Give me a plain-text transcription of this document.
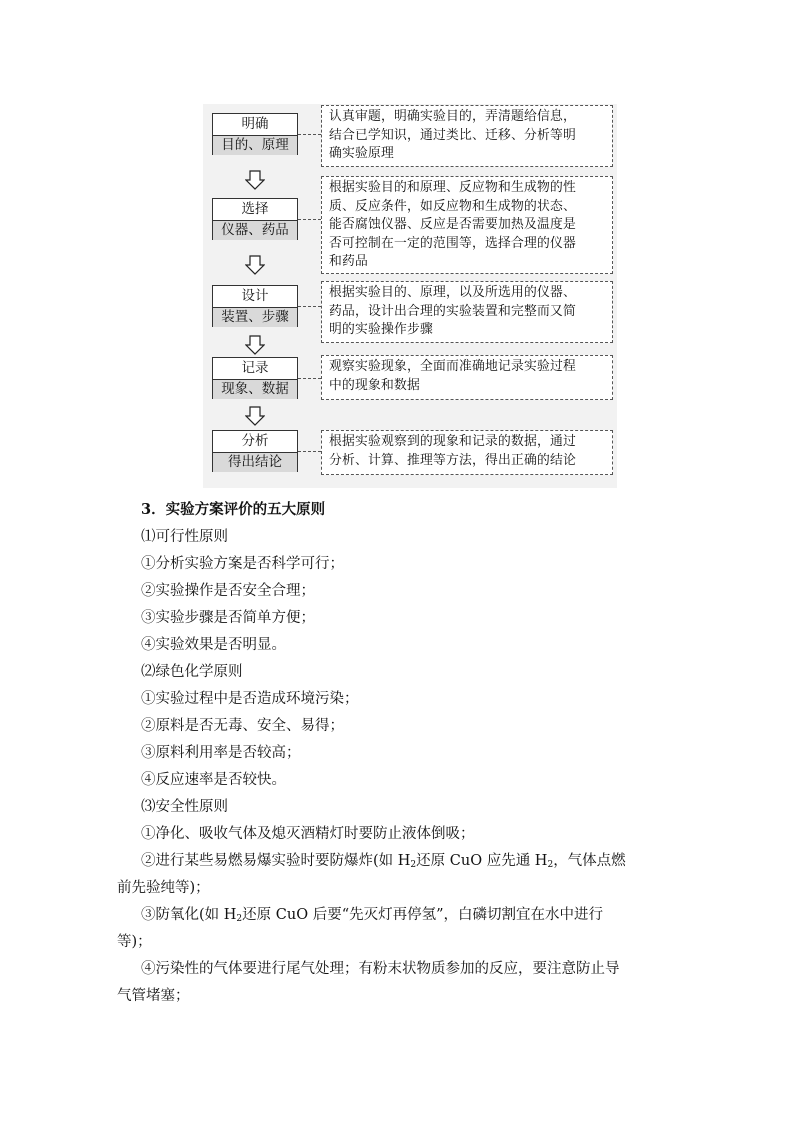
明确
目的、原理
认真审题，明确实验目的，弄清题给信息，
结合已学知识，通过类比、迁移、分析等明
确实验原理
选择
仪器、药品
根据实验目的和原理、反应物和生成物的性
质、反应条件，如反应物和生成物的状态、
能否腐蚀仪器、反应是否需要加热及温度是
否可控制在一定的范围等，选择合理的仪器
和药品
设计
装置、步骤
根据实验目的、原理，以及所选用的仪器、
药品，设计出合理的实验装置和完整而又简
明的实验操作步骤
记录
现象、数据
观察实验现象，全面而准确地记录实验过程
中的现象和数据
分析
得出结论
根据实验观察到的现象和记录的数据，通过
分析、计算、推理等方法，得出正确的结论
3．实验方案评价的五大原则
⑴可行性原则
①分析实验方案是否科学可行；
②实验操作是否安全合理；
③实验步骤是否简单方便；
④实验效果是否明显。
⑵绿色化学原则
①实验过程中是否造成环境污染；
②原料是否无毒、安全、易得；
③原料利用率是否较高；
④反应速率是否较快。
⑶安全性原则
①净化、吸收气体及熄灭酒精灯时要防止液体倒吸；
②进行某些易燃易爆实验时要防爆炸(如 $H_2$还原 CuO 应先通 $H_2$，气体点燃
前先验纯等)；
③防氧化(如 $H_2$还原 CuO 后要“先灭灯再停氢”，白磷切割宜在水中进行
等)；
④污染性的气体要进行尾气处理；有粉末状物质参加的反应，要注意防止导
气管堵塞；
